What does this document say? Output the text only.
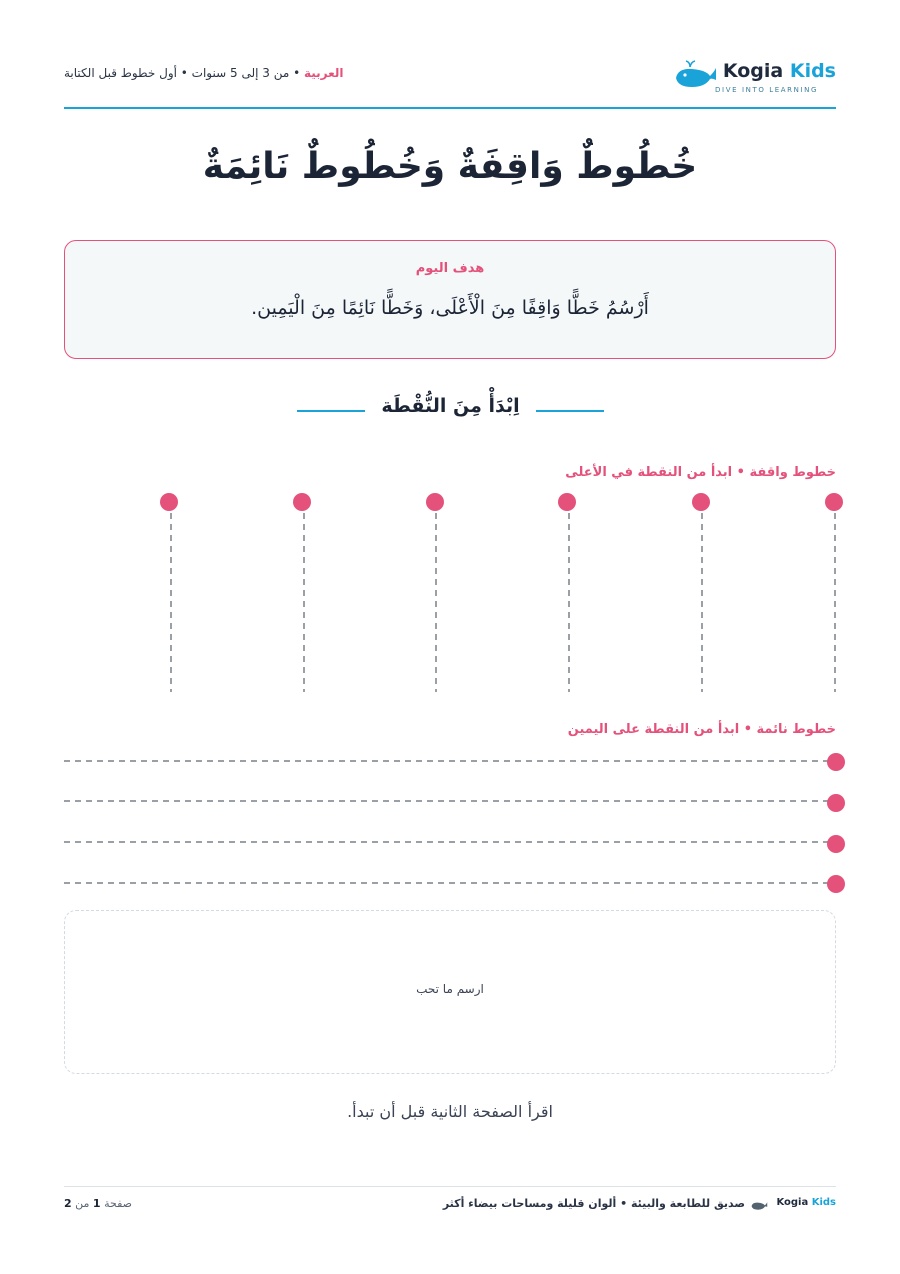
Kogia Kids
DIVE INTO LEARNING
العربية • من 3 إلى 5 سنوات • أول خطوط قبل الكتابة
خُطُوطٌ وَاقِفَةٌ وَخُطُوطٌ نَائِمَةٌ
هدف اليوم
أَرْسُمُ خَطًّا وَاقِفًا مِنَ الْأَعْلَى، وَخَطًّا نَائِمًا مِنَ الْيَمِين.
اِبْدَأْ مِنَ النُّقْطَة
خطوط واقفة • ابدأ من النقطة في الأعلى
خطوط نائمة • ابدأ من النقطة على اليمين
ارسم ما تحب
اقرأ الصفحة الثانية قبل أن تبدأ.
صفحة 1 من 2	صديق للطابعة والبيئة • ألوان قليلة ومساحات بيضاء أكثر	Kogia Kids
